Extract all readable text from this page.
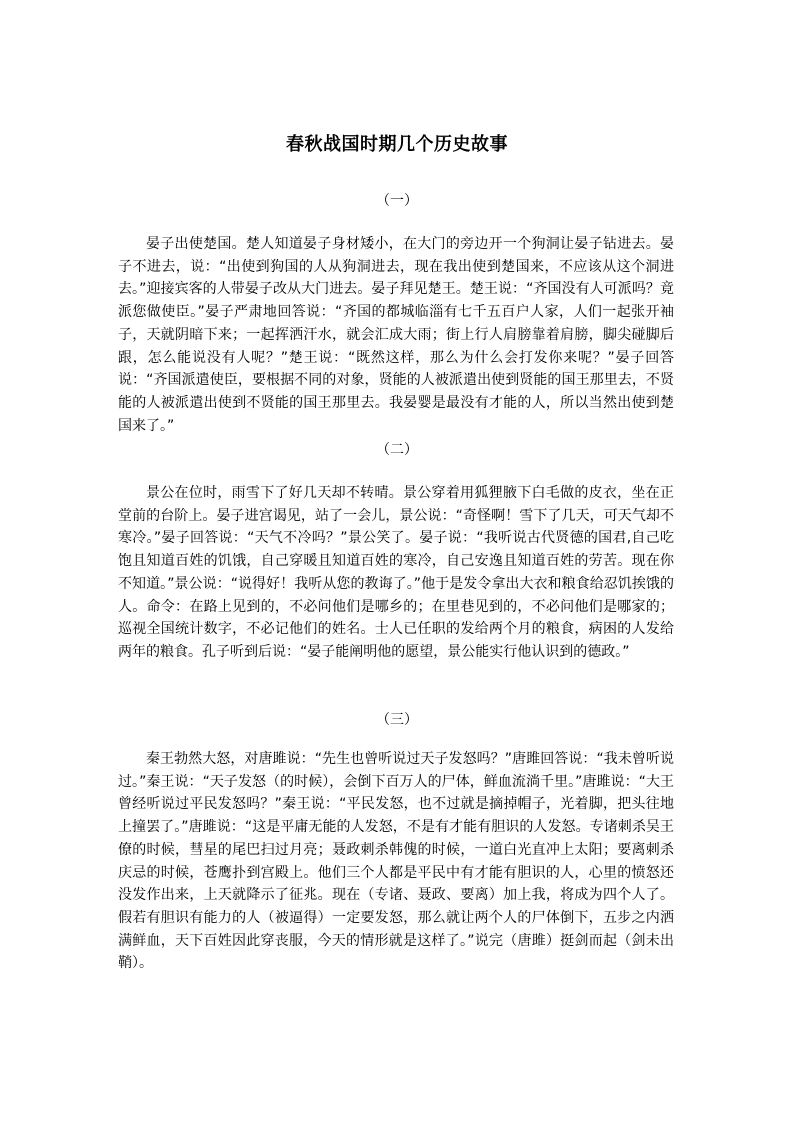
春秋战国时期几个历史故事
（一）

晏子出使楚国。楚人知道晏子身材矮小，在大门的旁边开一个狗洞让晏子钻进去。晏子不进去，说：“出使到狗国的人从狗洞进去，现在我出使到楚国来，不应该从这个洞进去。”迎接宾客的人带晏子改从大门进去。晏子拜见楚王。楚王说：“齐国没有人可派吗？竟派您做使臣。”晏子严肃地回答说：“齐国的都城临淄有七千五百户人家，人们一起张开袖子，天就阴暗下来；一起挥洒汗水，就会汇成大雨；街上行人肩膀靠着肩膀，脚尖碰脚后跟，怎么能说没有人呢？”楚王说：“既然这样，那么为什么会打发你来呢？”晏子回答说：“齐国派遣使臣，要根据不同的对象，贤能的人被派遣出使到贤能的国王那里去，不贤能的人被派遣出使到不贤能的国王那里去。我晏婴是最没有才能的人，所以当然出使到楚国来了。”

（二）

景公在位时，雨雪下了好几天却不转晴。景公穿着用狐狸腋下白毛做的皮衣，坐在正堂前的台阶上。晏子进宫谒见，站了一会儿，景公说：“奇怪啊！雪下了几天，可天气却不寒冷。”晏子回答说：“天气不冷吗？”景公笑了。晏子说：“我听说古代贤德的国君,自己吃饱且知道百姓的饥饿，自己穿暖且知道百姓的寒冷，自己安逸且知道百姓的劳苦。现在你不知道。”景公说：“说得好！我听从您的教诲了。”他于是发令拿出大衣和粮食给忍饥挨饿的人。命令：在路上见到的，不必问他们是哪乡的；在里巷见到的，不必问他们是哪家的；巡视全国统计数字，不必记他们的姓名。士人已任职的发给两个月的粮食，病困的人发给两年的粮食。孔子听到后说：“晏子能阐明他的愿望，景公能实行他认识到的德政。”

（三）

秦王勃然大怒，对唐雎说：“先生也曾听说过天子发怒吗？”唐雎回答说：“我未曾听说过。”秦王说：“天子发怒（的时候），会倒下百万人的尸体，鲜血流淌千里。”唐雎说：“大王曾经听说过平民发怒吗？”秦王说：“平民发怒，也不过就是摘掉帽子，光着脚，把头往地上撞罢了。”唐雎说：“这是平庸无能的人发怒，不是有才能有胆识的人发怒。专诸刺杀吴王僚的时候，彗星的尾巴扫过月亮；聂政刺杀韩傀的时候，一道白光直冲上太阳；要离刺杀庆忌的时候，苍鹰扑到宫殿上。他们三个人都是平民中有才能有胆识的人，心里的愤怒还没发作出来，上天就降示了征兆。现在（专诸、聂政、要离）加上我，将成为四个人了。假若有胆识有能力的人（被逼得）一定要发怒，那么就让两个人的尸体倒下，五步之内洒满鲜血，天下百姓因此穿丧服，今天的情形就是这样了。”说完（唐雎）挺剑而起（剑未出鞘）。
